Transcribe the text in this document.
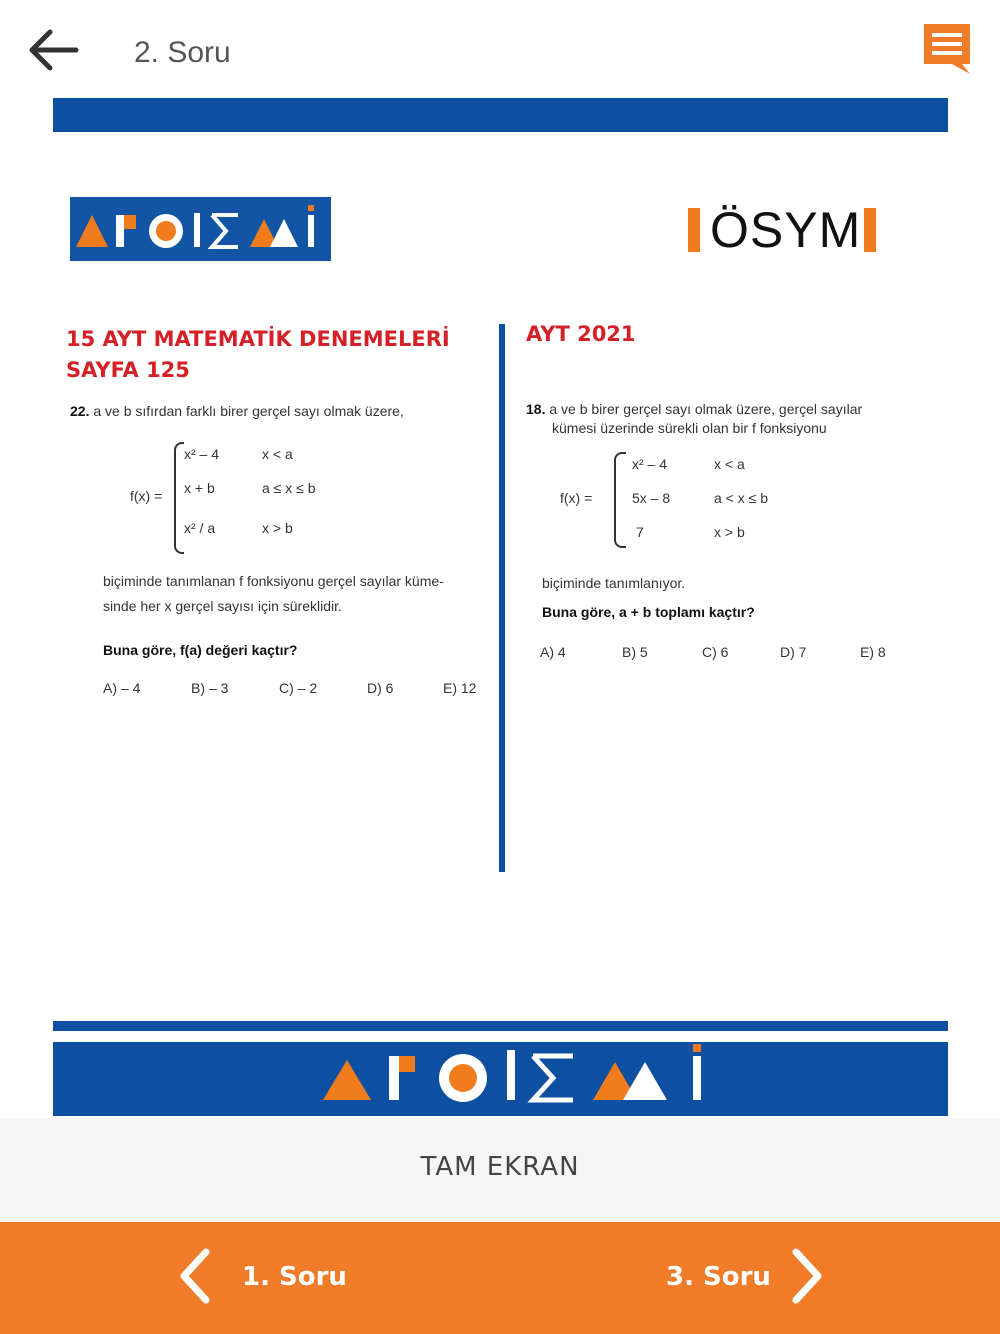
2. Soru
ÖSYM
15 AYT MATEMATİK DENEMELERİ
SAYFA 125
22. a ve b sıfırdan farklı birer gerçel sayı olmak üzere,
f(x) =
x² – 4	x < a
x + b	a ≤ x ≤ b
x² / a	x > b
biçiminde tanımlanan f fonksiyonu gerçel sayılar küme-
sinde her x gerçel sayısı için süreklidir.
Buna göre, f(a) değeri kaçtır?
A) – 4	B) – 3	C) – 2	D) 6	E) 12
AYT 2021
18. a ve b birer gerçel sayı olmak üzere, gerçel sayılar
kümesi üzerinde sürekli olan bir f fonksiyonu
f(x) =
x² – 4	x < a
5x – 8	a < x ≤ b
7	x > b
biçiminde tanımlanıyor.
Buna göre, a + b toplamı kaçtır?
A) 4	B) 5	C) 6	D) 7	E) 8
TAM EKRAN
1. Soru	3. Soru
